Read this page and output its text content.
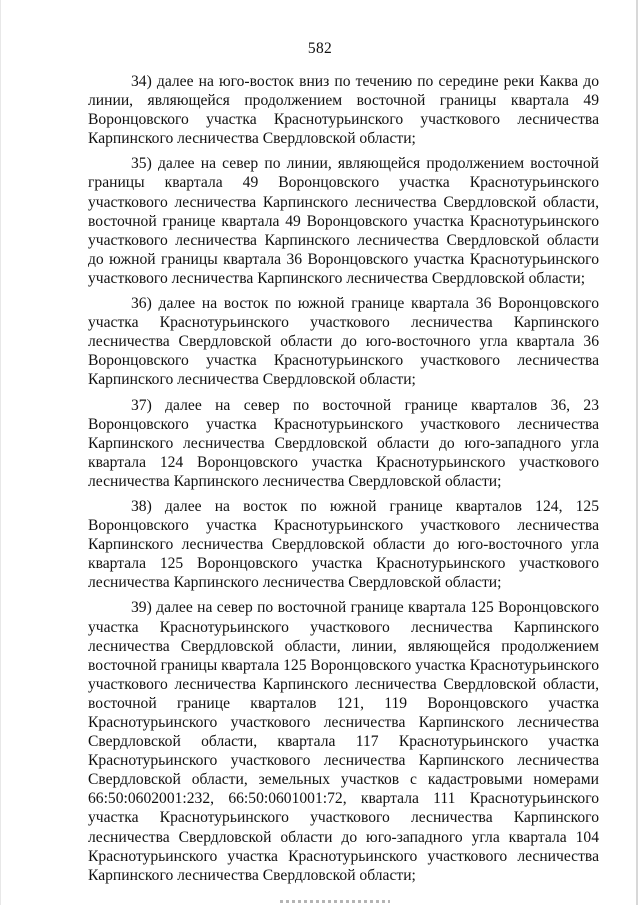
582

34) далее на юго-восток вниз по течению по середине реки Каква до линии, являющейся продолжением восточной границы квартала 49 Воронцовского участка Краснотурьинского участкового лесничества Карпинского лесничества Свердловской области;

35) далее на север по линии, являющейся продолжением восточной границы квартала 49 Воронцовского участка Краснотурьинского участкового лесничества Карпинского лесничества Свердловской области, восточной границе квартала 49 Воронцовского участка Краснотурьинского участкового лесничества Карпинского лесничества Свердловской области до южной границы квартала 36 Воронцовского участка Краснотурьинского участкового лесничества Карпинского лесничества Свердловской области;

36) далее на восток по южной границе квартала 36 Воронцовского участка Краснотурьинского участкового лесничества Карпинского лесничества Свердловской области до юго-восточного угла квартала 36 Воронцовского участка Краснотурьинского участкового лесничества Карпинского лесничества Свердловской области;

37) далее на север по восточной границе кварталов 36, 23 Воронцовского участка Краснотурьинского участкового лесничества Карпинского лесничества Свердловской области до юго-западного угла квартала 124 Воронцовского участка Краснотурьинского участкового лесничества Карпинского лесничества Свердловской области;

38) далее на восток по южной границе кварталов 124, 125 Воронцовского участка Краснотурьинского участкового лесничества Карпинского лесничества Свердловской области до юго-восточного угла квартала 125 Воронцовского участка Краснотурьинского участкового лесничества Карпинского лесничества Свердловской области;

39) далее на север по восточной границе квартала 125 Воронцовского участка Краснотурьинского участкового лесничества Карпинского лесничества Свердловской области, линии, являющейся продолжением восточной границы квартала 125 Воронцовского участка Краснотурьинского участкового лесничества Карпинского лесничества Свердловской области, восточной границе кварталов 121, 119 Воронцовского участка Краснотурьинского участкового лесничества Карпинского лесничества Свердловской области, квартала 117 Краснотурьинского участка Краснотурьинского участкового лесничества Карпинского лесничества Свердловской области, земельных участков с кадастровыми номерами 66:50:0602001:232, 66:50:0601001:72, квартала 111 Краснотурьинского участка Краснотурьинского участкового лесничества Карпинского лесничества Свердловской области до юго-западного угла квартала 104 Краснотурьинского участка Краснотурьинского участкового лесничества Карпинского лесничества Свердловской области;
